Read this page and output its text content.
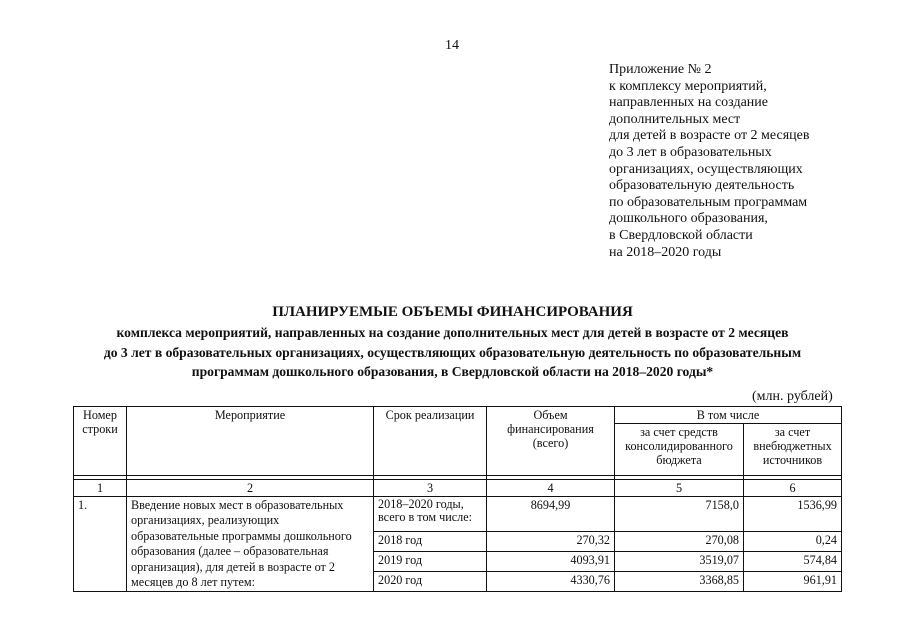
14
Приложение № 2
к комплексу мероприятий,
направленных на создание
дополнительных мест
для детей в возрасте от 2 месяцев
до 3 лет в образовательных
организациях, осуществляющих
образовательную деятельность
по образовательным программам
дошкольного образования,
в Свердловской области
на 2018–2020 годы
ПЛАНИРУЕМЫЕ ОБЪЕМЫ ФИНАНСИРОВАНИЯ
комплекса мероприятий, направленных на создание дополнительных мест для детей в возрасте от 2 месяцев
до 3 лет в образовательных организациях, осуществляющих образовательную деятельность по образовательным
программам дошкольного образования, в Свердловской области на 2018–2020 годы*
(млн. рублей)
Номер строки	Мероприятие	Срок реализации	Объем финансирования (всего)	В том числе	
				за счет средств консолидированного бюджета	за счет внебюджетных источников

1	2	3	4	5	6
1.	Введение новых мест в образовательных организациях, реализующих образовательные программы дошкольного образования (далее – образовательная организация), для детей в возрасте от 2 месяцев до 8 лет путем:	2018–2020 годы, всего в том числе:	8694,99	7158,0	1536,99
		2018 год	270,32	270,08	0,24
		2019 год	4093,91	3519,07	574,84
		2020 год	4330,76	3368,85	961,91
